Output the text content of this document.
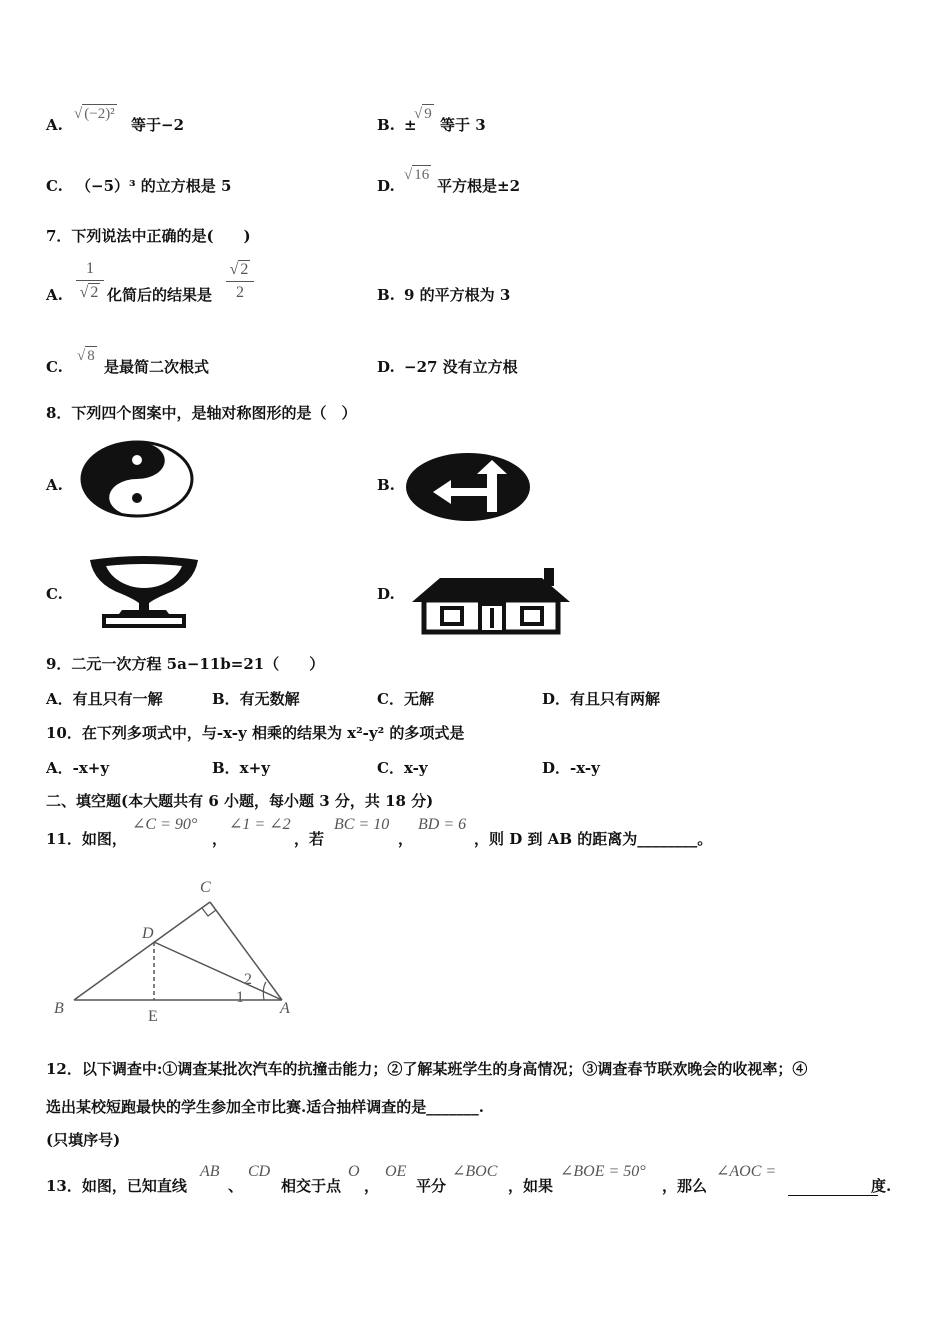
A.
√ (−2)²
等于−2	B. ±
√ 9
等于 3
C. （−5）³ 的立方根是 5	D.
√ 16
平方根是±2
7．下列说法中正确的是(　　)
A.
1
√ 2 化简后的结果是
√ 2
2	B. 9 的平方根为 3
C.
√ 8
是最简二次根式	D. −27 没有立方根
8．下列四个图案中，是轴对称图形的是（　）
A.	B.
C.	D.
9．二元一次方程 5a−11b=21（　　）
A．有且只有一解	B．有无数解	C．无解	D．有且只有两解
10．在下列多项式中，与-x-y 相乘的结果为 x²-y² 的多项式是
A．-x+y	B．x+y	C．x-y	D．-x-y
二、填空题(本大题共有 6 小题，每小题 3 分，共 18 分)
11．如图，
∠C = 90°
，
∠1 = ∠2
，若
BC = 10
，
BD = 6
，则 D 到 AB 的距离为________。
C
D
B	E	A
1
2
12．以下调查中:①调查某批次汽车的抗撞击能力；②了解某班学生的身高情况；③调查春节联欢晚会的收视率；④
选出某校短跑最快的学生参加全市比赛.适合抽样调查的是_______.
(只填序号)
13．如图，已知直线
AB
、
CD
相交于点
O
，
OE
平分
∠BOC
，如果
∠BOE = 50°
，那么
∠AOC =

度.
